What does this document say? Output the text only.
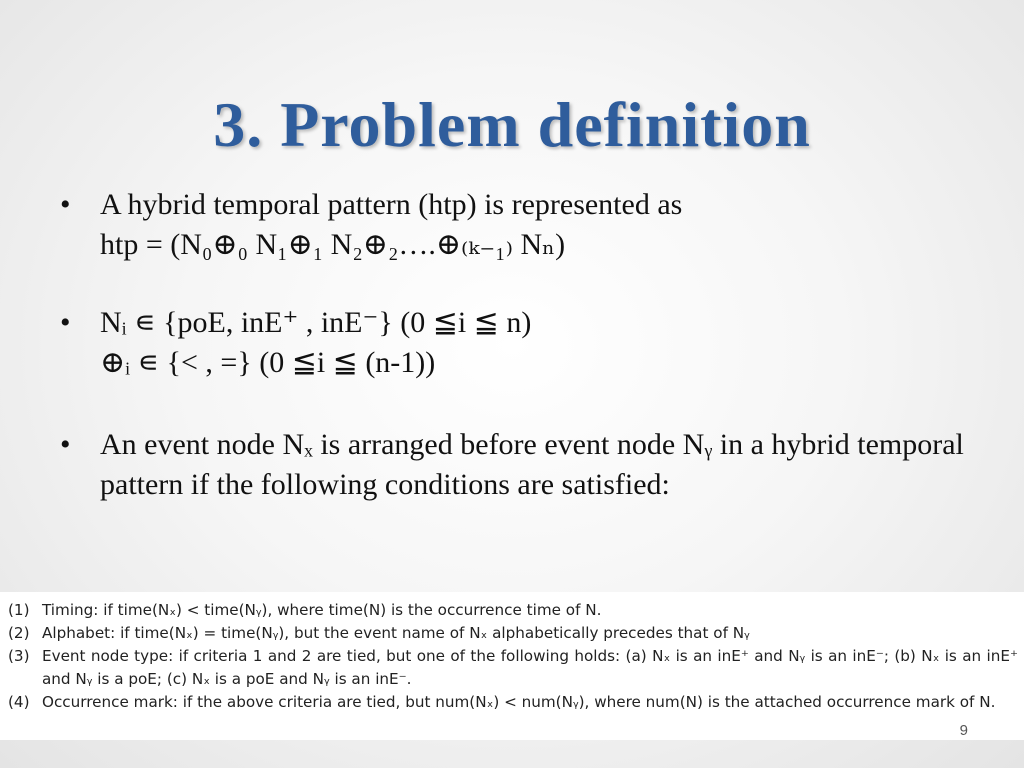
3. Problem definition
• A hybrid temporal pattern (htp) is represented as
htp = (N₀⊕₀ N₁⊕₁ N₂⊕₂….⊕₍ₖ₋₁₎ Nₙ)
• Nᵢ ∊ {poE, inE⁺ , inE⁻} (0 ≦i ≦ n)
⊕ᵢ ∊ {< , =} (0 ≦i ≦ (n-1))
• An event node Nₓ is arranged before event node Nᵧ in a hybrid temporal pattern if the following conditions are satisfied:
(1) Timing: if time(Nₓ) < time(Nᵧ), where time(N) is the occurrence time of N.
(2) Alphabet: if time(Nₓ) = time(Nᵧ), but the event name of Nₓ alphabetically precedes that of Nᵧ
(3) Event node type: if criteria 1 and 2 are tied, but one of the following holds: (a) Nₓ is an inE⁺ and Nᵧ is an inE⁻; (b) Nₓ is an inE⁺ and Nᵧ is a poE; (c) Nₓ is a poE and Nᵧ is an inE⁻.
(4) Occurrence mark: if the above criteria are tied, but num(Nₓ) < num(Nᵧ), where num(N) is the attached occurrence mark of N.
9
